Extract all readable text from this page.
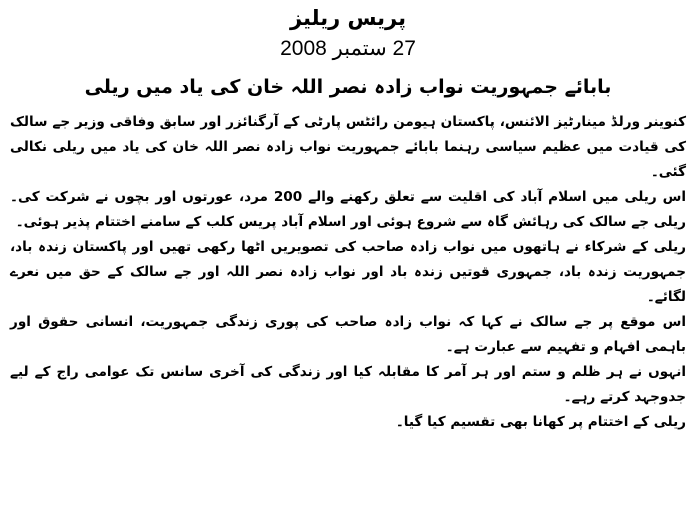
پریس ریلیز
27 ستمبر 2008
بابائے جمہوریت نواب زادہ نصر اللہ خان کی یاد میں ریلی

کنوینر ورلڈ مینارٹیز الائنس، پاکستان ہیومن رائٹس پارٹی کے آرگنائزر اور سابق وفاقی وزیر جے سالک کی قیادت میں عظیم سیاسی رہنما بابائے جمہوریت نواب زادہ نصر اللہ خان کی یاد میں ریلی نکالی گئی۔

اس ریلی میں اسلام آباد کی اقلیت سے تعلق رکھنے والے 200 مرد، عورتوں اور بچوں نے شرکت کی۔ ریلی جے سالک کی رہائش گاہ سے شروع ہوئی اور اسلام آباد پریس کلب کے سامنے اختتام پذیر ہوئی۔

ریلی کے شرکاء نے ہاتھوں میں نواب زادہ صاحب کی تصویریں اٹھا رکھی تھیں اور پاکستان زندہ باد، جمہوریت زندہ باد، جمہوری قوتیں زندہ باد اور نواب زادہ نصر اللہ اور جے سالک کے حق میں نعرے لگائے۔

اس موقع پر جے سالک نے کہا کہ نواب زادہ صاحب کی پوری زندگی جمہوریت، انسانی حقوق اور باہمی افہام و تفہیم سے عبارت ہے۔

انہوں نے ہر ظلم و ستم اور ہر آمر کا مقابلہ کیا اور زندگی کی آخری سانس تک عوامی راج کے لیے جدوجہد کرتے رہے۔

ریلی کے اختتام پر کھانا بھی تقسیم کیا گیا۔
